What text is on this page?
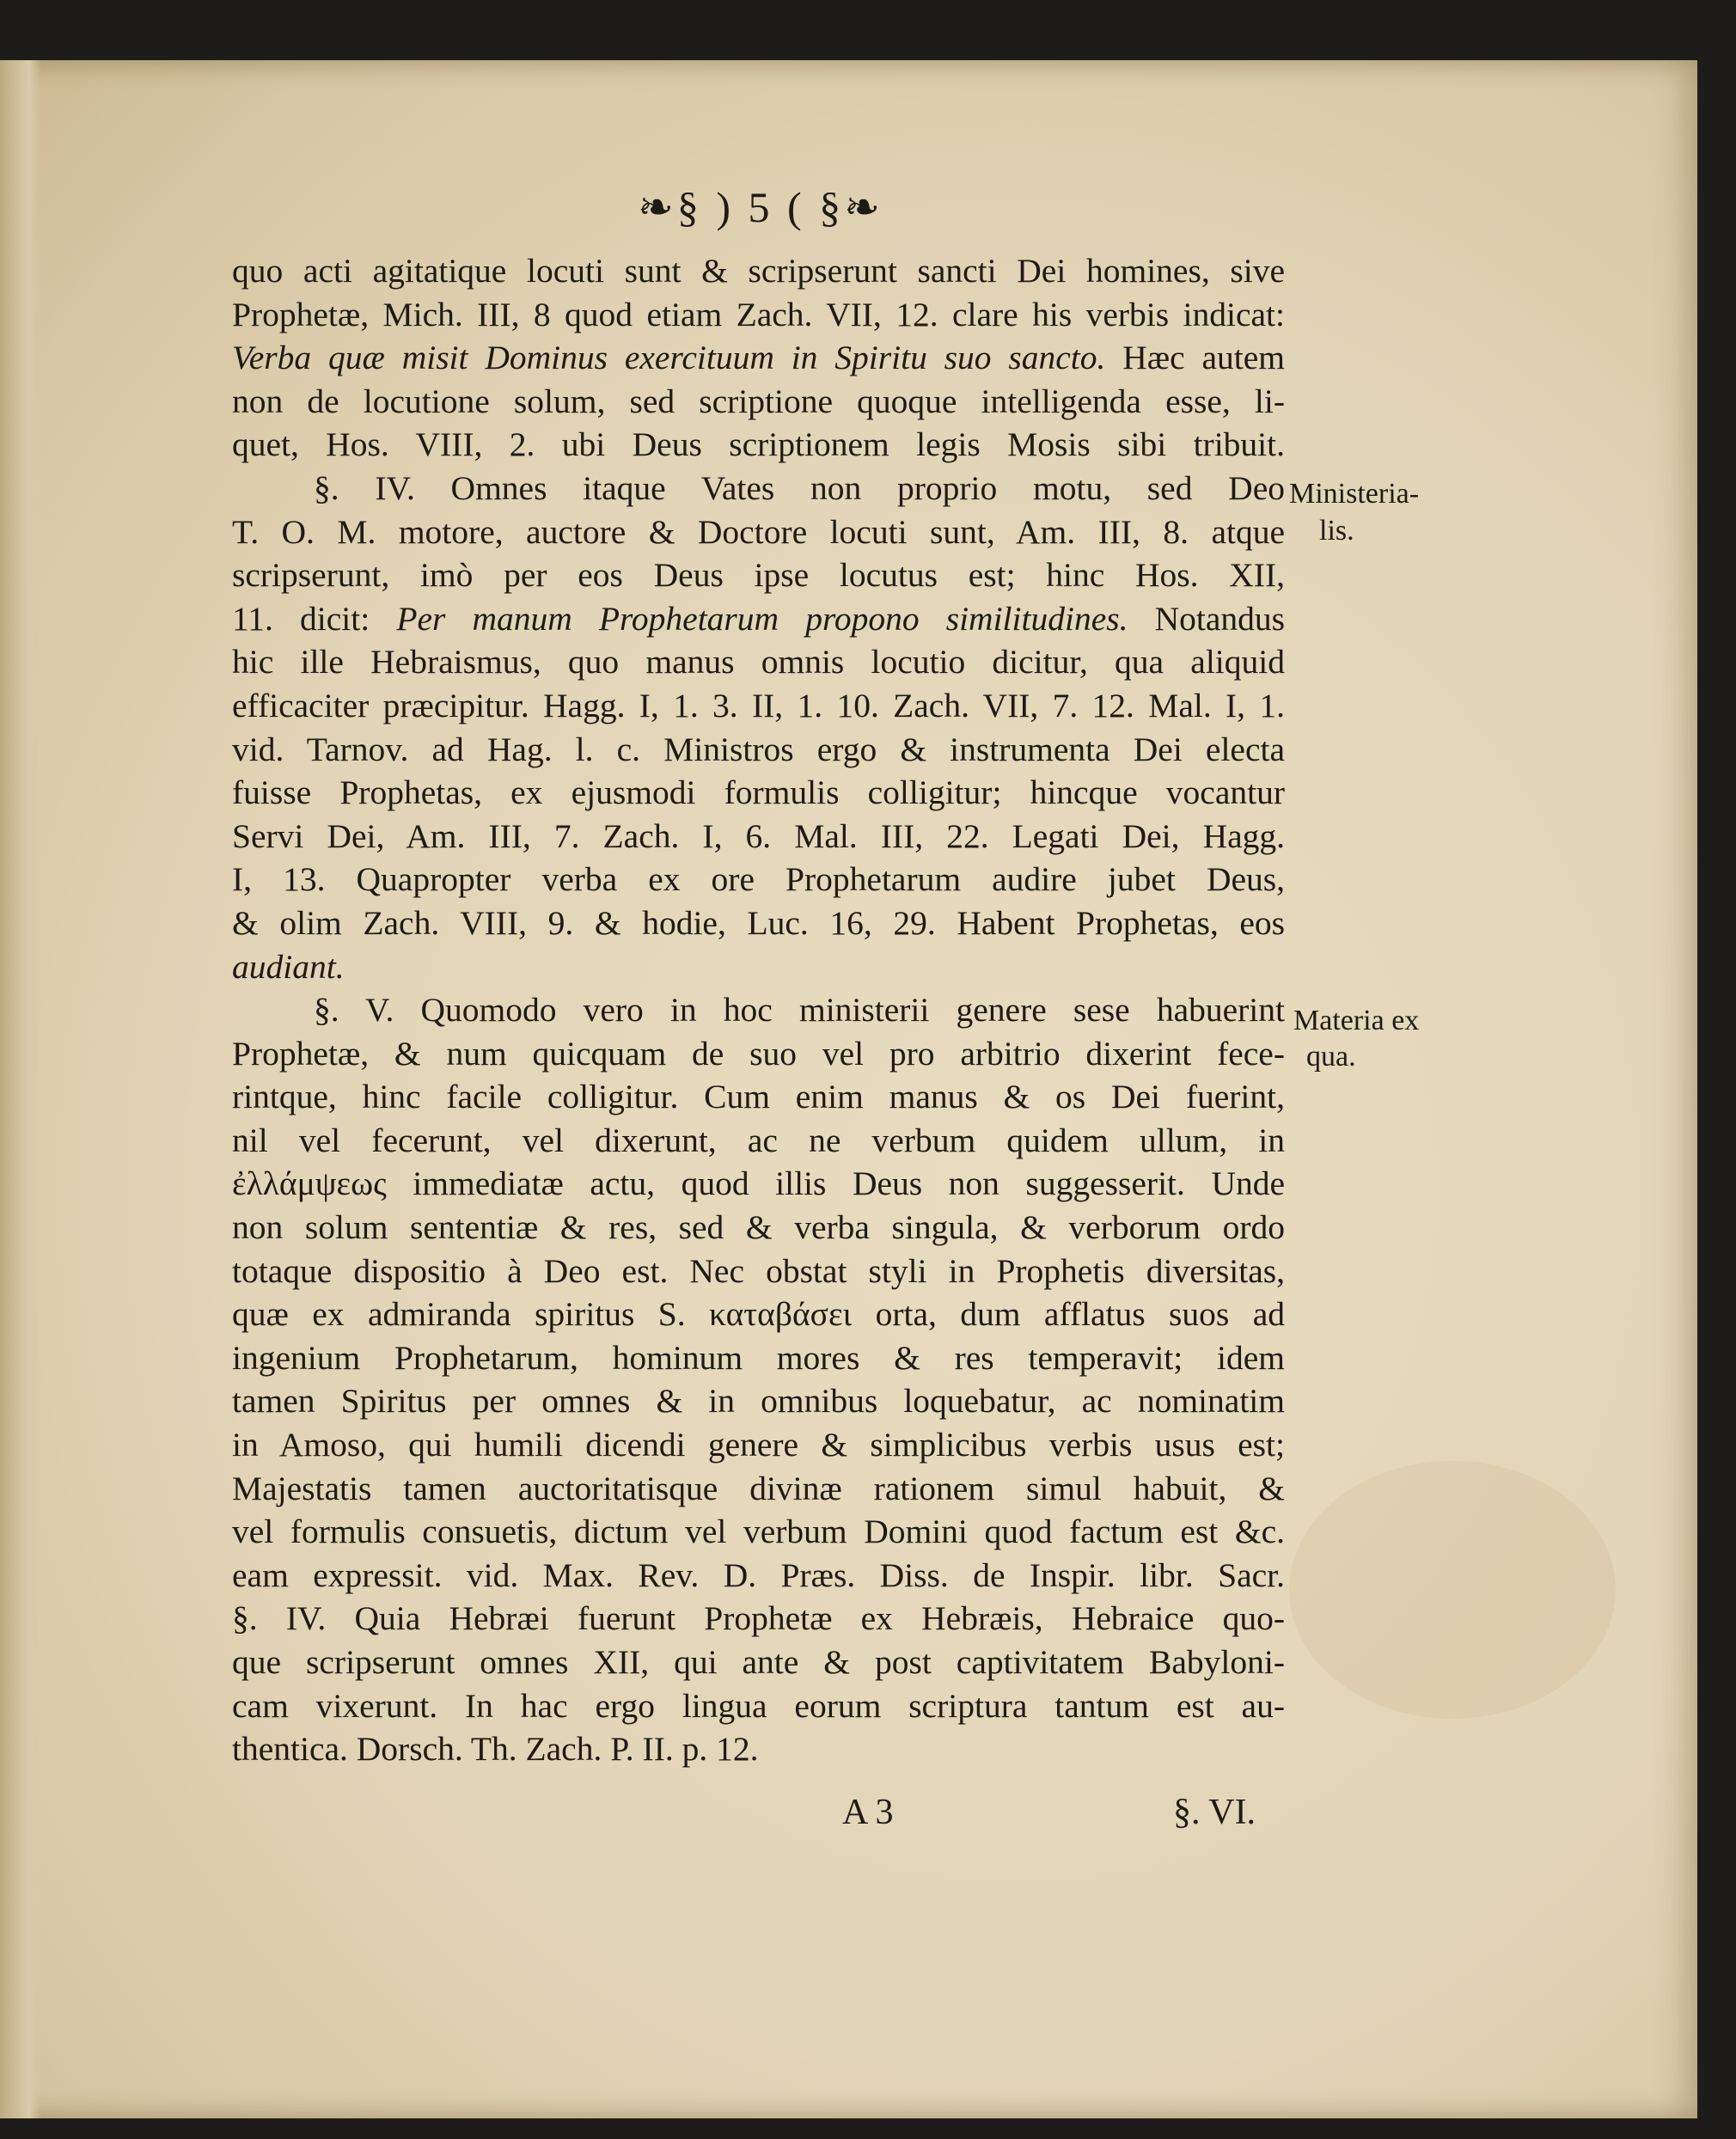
❧§ ) 5 ( §❧
quo acti agitatique locuti sunt & scripserunt sancti Dei homines, sive
Prophetæ, Mich. III, 8 quod etiam Zach. VII, 12. clare his verbis indicat:
Verba quæ misit Dominus exercituum in Spiritu suo sancto. Hæc autem
non de locutione solum, sed scriptione quoque intelligenda esse, li-
quet, Hos. VIII, 2. ubi Deus scriptionem legis Mosis sibi tribuit.
§. IV. Omnes itaque Vates non proprio motu, sed Deo
T. O. M. motore, auctore & Doctore locuti sunt, Am. III, 8. atque
scripserunt, imò per eos Deus ipse locutus est; hinc Hos. XII,
11. dicit: Per manum Prophetarum propono similitudines. Notandus
hic ille Hebraismus, quo manus omnis locutio dicitur, qua aliquid
efficaciter præcipitur. Hagg. I, 1. 3. II, 1. 10. Zach. VII, 7. 12. Mal. I, 1.
vid. Tarnov. ad Hag. l. c. Ministros ergo & instrumenta Dei electa
fuisse Prophetas, ex ejusmodi formulis colligitur; hincque vocantur
Servi Dei, Am. III, 7. Zach. I, 6. Mal. III, 22. Legati Dei, Hagg.
I, 13. Quapropter verba ex ore Prophetarum audire jubet Deus,
& olim Zach. VIII, 9. & hodie, Luc. 16, 29. Habent Prophetas, eos
audiant.
§. V. Quomodo vero in hoc ministerii genere sese habuerint
Prophetæ, & num quicquam de suo vel pro arbitrio dixerint fece-
rintque, hinc facile colligitur. Cum enim manus & os Dei fuerint,
nil vel fecerunt, vel dixerunt, ac ne verbum quidem ullum, in
ἐλλάμψεως immediatæ actu, quod illis Deus non suggesserit. Unde
non solum sententiæ & res, sed & verba singula, & verborum ordo
totaque dispositio à Deo est. Nec obstat styli in Prophetis diversitas,
quæ ex admiranda spiritus S. καταβάσει orta, dum afflatus suos ad
ingenium Prophetarum, hominum mores & res temperavit; idem
tamen Spiritus per omnes & in omnibus loquebatur, ac nominatim
in Amoso, qui humili dicendi genere & simplicibus verbis usus est;
Majestatis tamen auctoritatisque divinæ rationem simul habuit, &
vel formulis consuetis, dictum vel verbum Domini quod factum est &c.
eam expressit. vid. Max. Rev. D. Præs. Diss. de Inspir. libr. Sacr.
§. IV. Quia Hebræi fuerunt Prophetæ ex Hebræis, Hebraice quo-
que scripserunt omnes XII, qui ante & post captivitatem Babyloni-
cam vixerunt. In hac ergo lingua eorum scriptura tantum est au-
thentica. Dorsch. Th. Zach. P. II. p. 12.
Ministeria-
lis.
Materia ex
qua.
A 3	§. VI.
